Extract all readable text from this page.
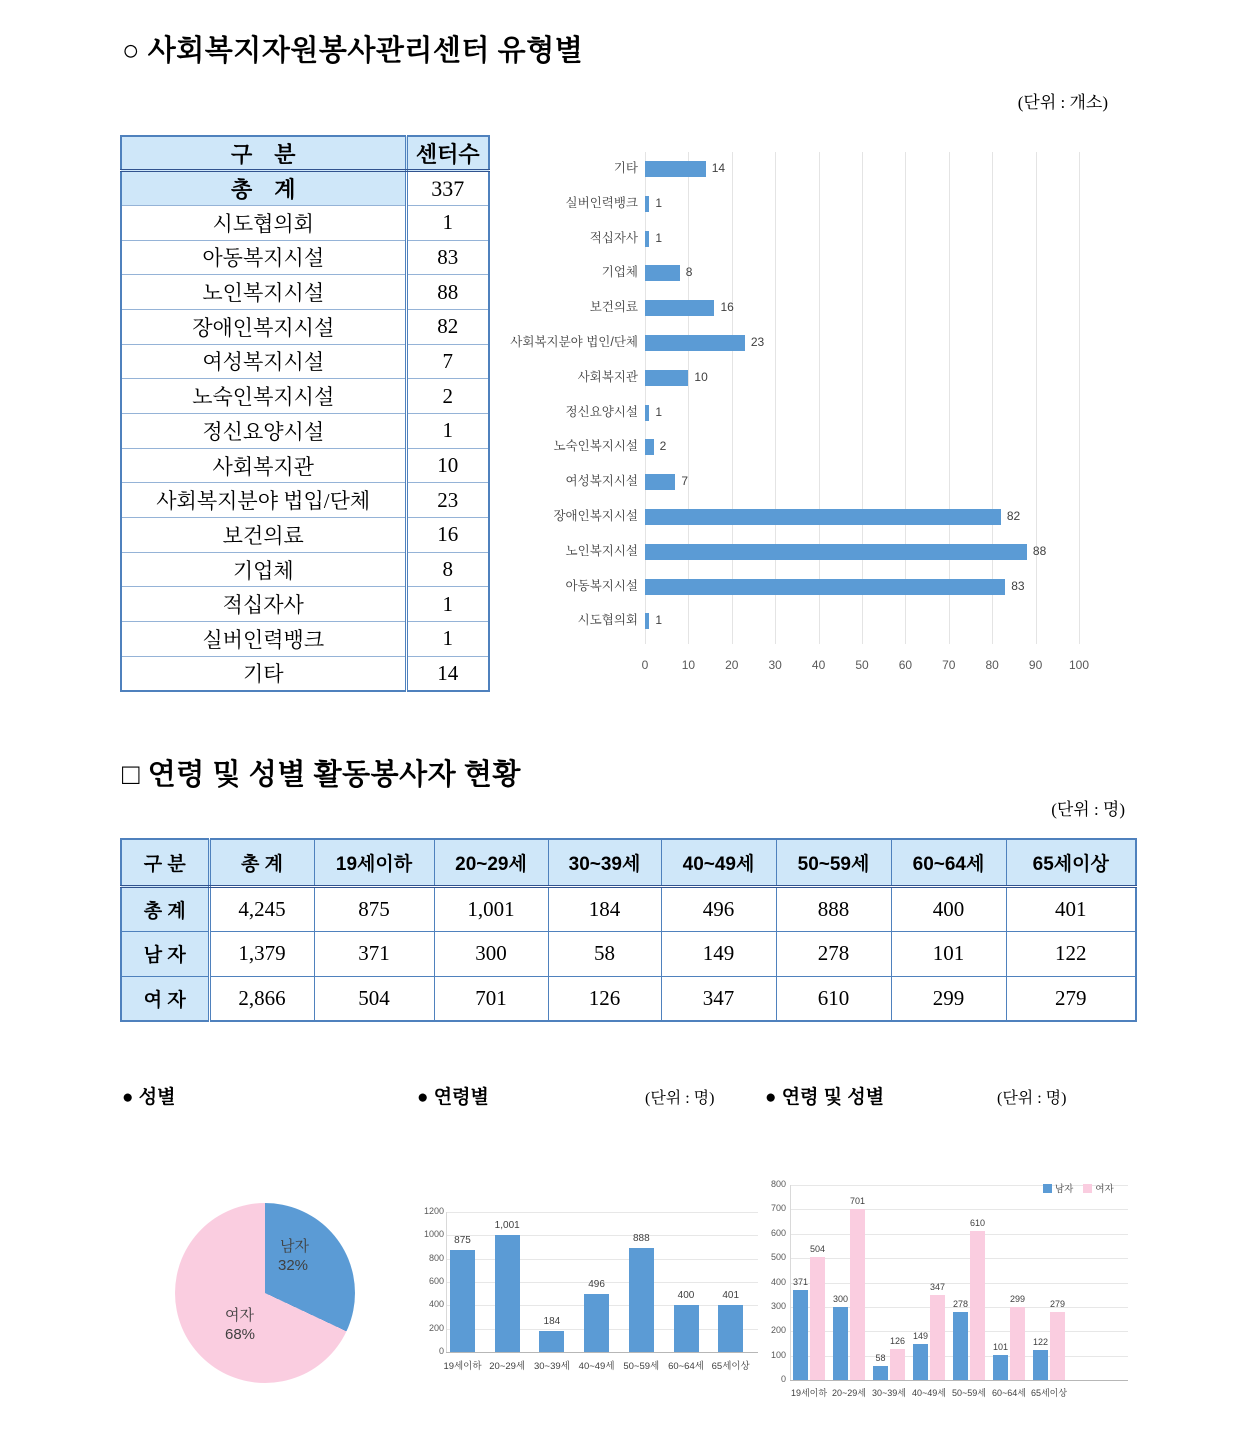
○ 사회복지자원봉사관리센터 유형별
(단위 : 개소)
구    분	센터수
총    계	337
시도협의회	1
아동복지시설	83
노인복지시설	88
장애인복지시설	82
여성복지시설	7
노숙인복지시설	2
정신요양시설	1
사회복지관	10
사회복지분야 법입/단체	23
보건의료	16
기업체	8
적십자사	1
실버인력뱅크	1
기타	14	0	10	20	30	40	50	60	70	80	90	100
기타	14
실버인력뱅크 1
적십자사 1
기업체	8
보건의료	16
사회복지분야 법인/단체	23
사회복지관	10
정신요양시설 1
노숙인복지시설 2
여성복지시설	7
장애인복지시설	82
노인복지시설	88
아동복지시설	83
시도협의회 1
□ 연령 및 성별 활동봉사자 현황
(단위 : 명)
구 분	총 계	19세이하	20~29세	30~39세	40~49세	50~59세	60~64세	65세이상
총 계	4,245	875	1,001	184	496	888	400	401
남 자	1,379	371	300	58	149	278	101	122
여 자	2,866	504	701	126	347	610	299	279
● 성별	● 연령별	(단위 : 명)	● 연령 및 성별	(단위 : 명)
남자
32%
여자
68%
0
200
400
600
800
1000
1200
875
19세이하
1,001
20~29세
184
30~39세
496
40~49세
888
50~59세
400
60~64세
401
65세이상
0
100
200
300
400
500
600
700
800
371
300
58
149
278
101
122
504
701
126
347
610
299	279
19세이하 20~29세 30~39세 40~49세 50~59세 60~64세 65세이상
남자 여자
